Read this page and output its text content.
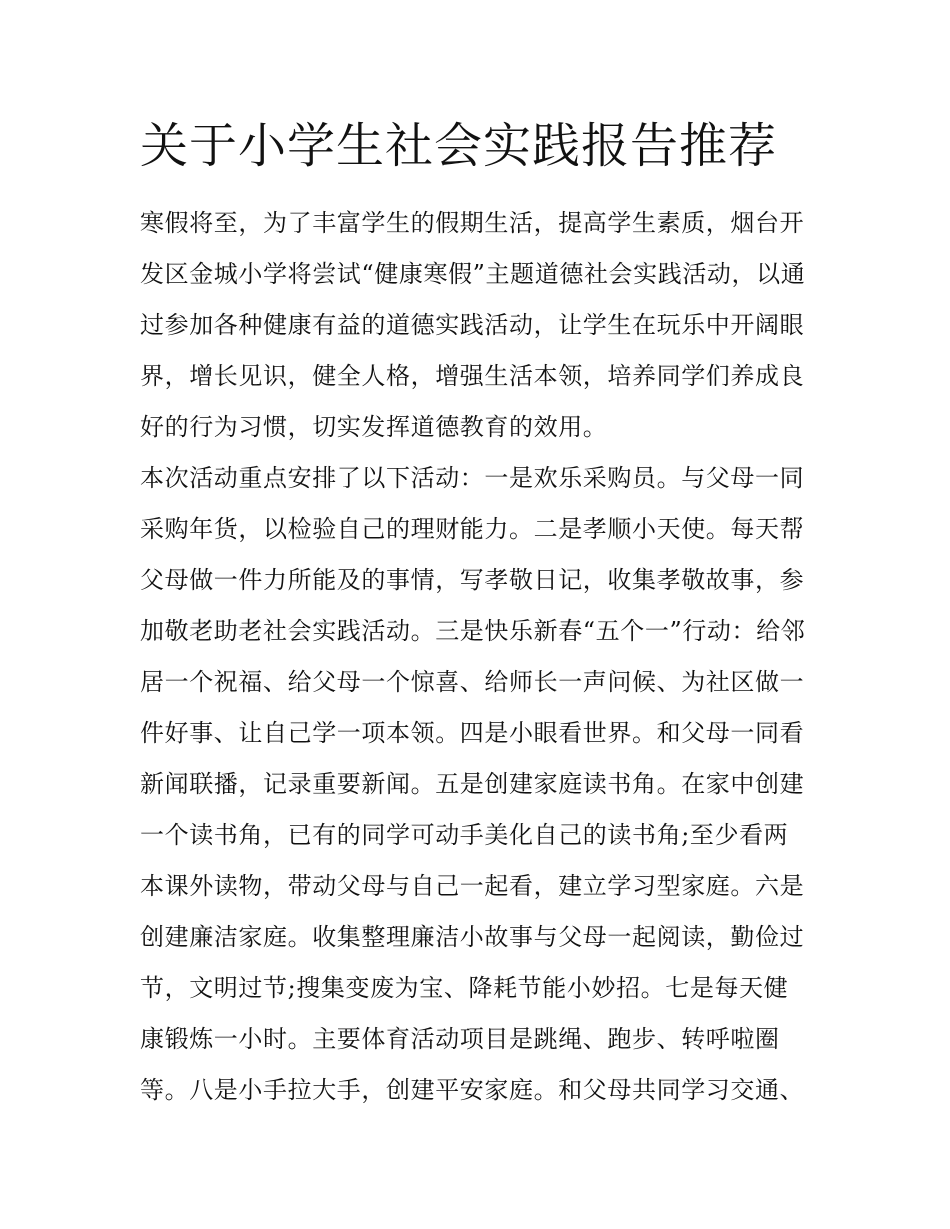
关于小学生社会实践报告推荐
寒假将至，为了丰富学生的假期生活，提高学生素质，烟台开
发区金城小学将尝试“健康寒假”主题道德社会实践活动，以通
过参加各种健康有益的道德实践活动，让学生在玩乐中开阔眼
界，增长见识，健全人格，增强生活本领，培养同学们养成良
好的行为习惯，切实发挥道德教育的效用。
本次活动重点安排了以下活动：一是欢乐采购员。与父母一同
采购年货，以检验自己的理财能力。二是孝顺小天使。每天帮
父母做一件力所能及的事情，写孝敬日记，收集孝敬故事，参
加敬老助老社会实践活动。三是快乐新春“五个一”行动：给邻
居一个祝福、给父母一个惊喜、给师长一声问候、为社区做一
件好事、让自己学一项本领。四是小眼看世界。和父母一同看
新闻联播，记录重要新闻。五是创建家庭读书角。在家中创建
一个读书角，已有的同学可动手美化自己的读书角;至少看两
本课外读物，带动父母与自己一起看，建立学习型家庭。六是
创建廉洁家庭。收集整理廉洁小故事与父母一起阅读，勤俭过
节，文明过节;搜集变废为宝、降耗节能小妙招。七是每天健
康锻炼一小时。主要体育活动项目是跳绳、跑步、转呼啦圈
等。八是小手拉大手，创建平安家庭。和父母共同学习交通、
